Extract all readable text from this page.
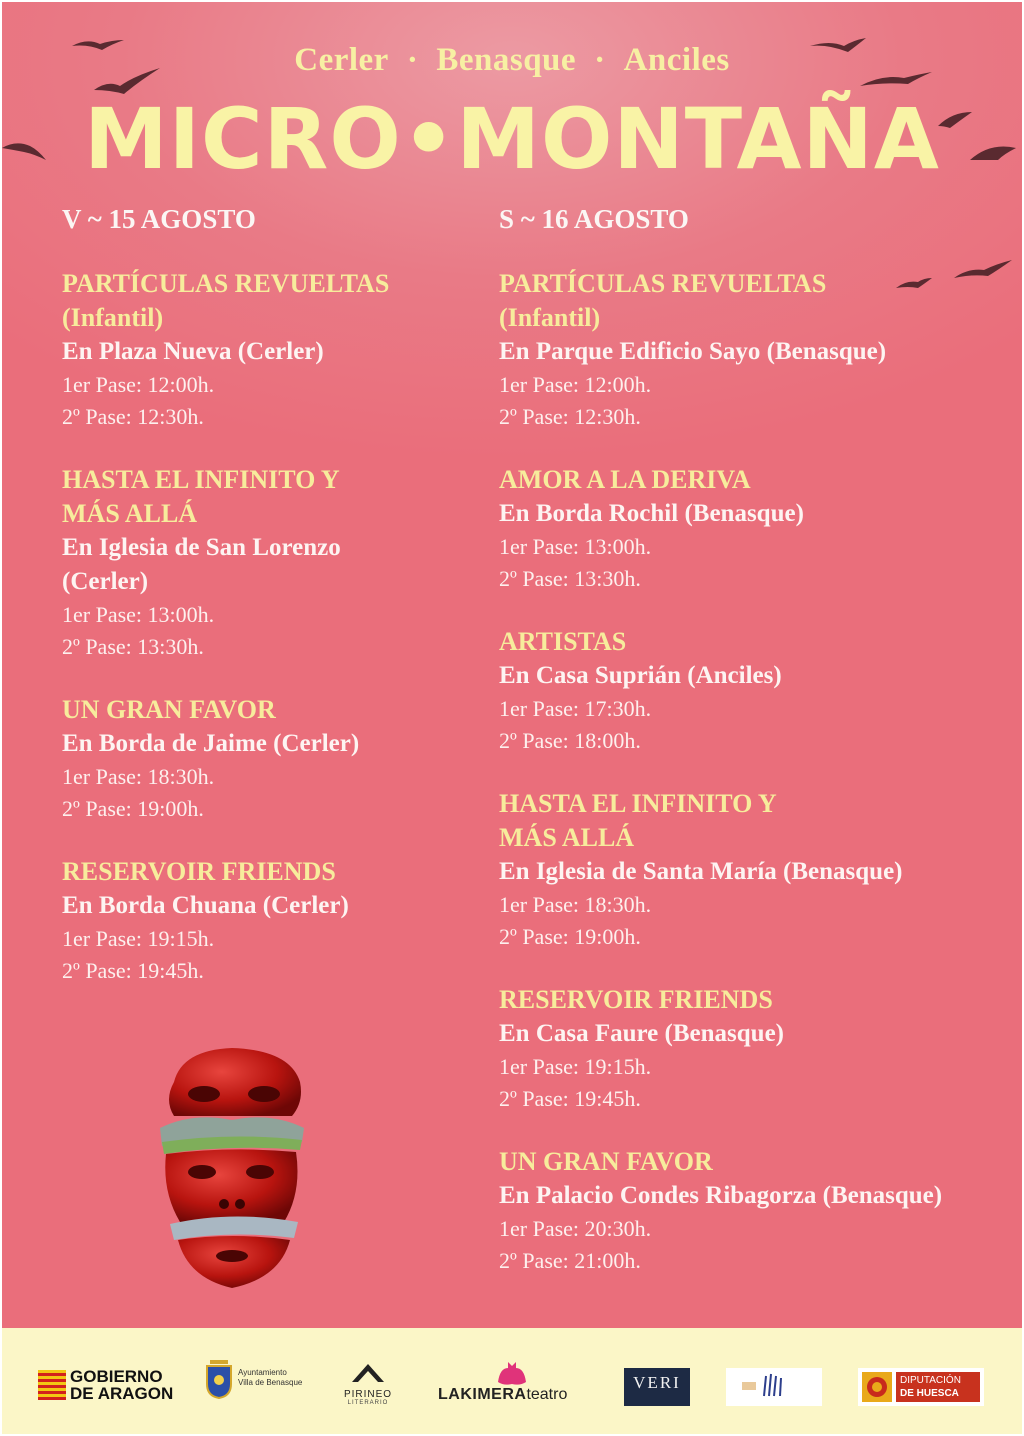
Cerler · Benasque · Anciles
MICRO•MONTAÑA
V ~ 15 AGOSTO
PARTÍCULAS REVUELTAS
(Infantil)
En Plaza Nueva (Cerler)
1er Pase: 12:00h.
2º Pase: 12:30h.
HASTA EL INFINITO Y
MÁS ALLÁ
En Iglesia de San Lorenzo
(Cerler)
1er Pase: 13:00h.
2º Pase: 13:30h.
UN GRAN FAVOR
En Borda de Jaime (Cerler)
1er Pase: 18:30h.
2º Pase: 19:00h.
RESERVOIR FRIENDS
En Borda Chuana (Cerler)
1er Pase: 19:15h.
2º Pase: 19:45h.
S ~ 16 AGOSTO
PARTÍCULAS REVUELTAS
(Infantil)
En Parque Edificio Sayo (Benasque)
1er Pase: 12:00h.
2º Pase: 12:30h.
AMOR A LA DERIVA
En Borda Rochil (Benasque)
1er Pase: 13:00h.
2º Pase: 13:30h.
ARTISTAS
En Casa Suprián (Anciles)
1er Pase: 17:30h.
2º Pase: 18:00h.
HASTA EL INFINITO Y
MÁS ALLÁ
En Iglesia de Santa María (Benasque)
1er Pase: 18:30h.
2º Pase: 19:00h.
RESERVOIR FRIENDS
En Casa Faure (Benasque)
1er Pase: 19:15h.
2º Pase: 19:45h.
UN GRAN FAVOR
En Palacio Condes Ribagorza (Benasque)
1er Pase: 20:30h.
2º Pase: 21:00h.
GOBIERNO
DE ARAGON
Ayuntamiento
Villa de Benasque
PIRINEO
LITERARIO	LAKIMERAteatro
VERI	DIPUTACIÓN
DE HUESCA
